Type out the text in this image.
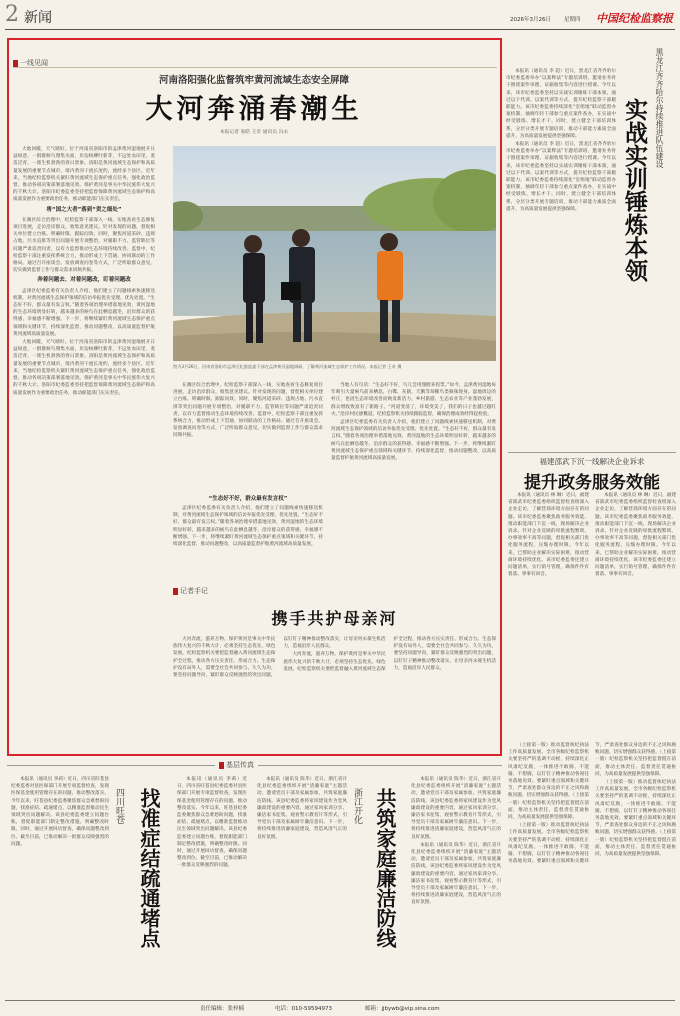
2 新闻	2026年3月26日 星期四 中国纪检监察报
一线见闻
河南洛阳强化监督筑牢黄河流域生态安全屏障
大河奔涌春潮生
本报记者 张皓 王奇 通讯员 冯永

大地回暖，天气晴好。位于河南省洛阳市的孟津黄河湿地展开日益绿意，一群群候鸟翔集水面，岸边杨柳吐新芽，不远处农田里，麦苗泛青，一派生机勃勃的春日景象。洛阳是黄河流域生态保护和高质量发展的重要节点城市，境内黄河干流长度约，流经多个县区。近年来，当地纪检监察机关紧盯黄河流域生态保护重点任务，强化政治监督，推动各项决策部署落地见效。保护黄河是事关中华民族伟大复兴的千秋大计。洛阳市纪委监委坚持把监督保障黄河流域生态保护和高质量发展作为重要政治任务，推动职能部门压实责任。

将“国之大者”落到“责之细处”

在滩区综合治理中，纪检监察干部深入一线，实地查看生态修复项目进展，走访沿岸群众，收集意见建议。针对发现的问题，督促相关单位建立台账、明确时限、跟踪问效。同时，聚焦河道采砂、违规占地、污水直排等突出问题开展专项整治，对履职不力、监管缺位等问题严肃追责问责，以有力监督推动生态环境持续改善。监督中，纪检监察干部注重发挥系统合力，推动形成上下贯通、协同联动的工作格局。通过召开座谈会、发放调查问卷等方式，广泛听取群众意见，切实做到监督工作与群众需求同频共振。

奔着问题去、对着问题改，盯着问题改

孟津区纪委监委有关负责人介绍，他们建立了问题线索快速移送机制，对黄河流域生态保护领域的信访举报优先受理、优先处置。“生态好不好，群众最有发言权。”随着各项治理举措落地见效，黄河湿地的生态环境明显好转，越来越多的候鸟在此栖息越冬，沿岸群众的获得感、幸福感不断增强。下一步，将继续紧盯黄河流域生态保护重点领域和关键环节，持续深化监督，推动问题整改，以高质量监督护航黄河流域高质量发展。

大地回暖，天气晴好。位于河南省洛阳市的孟津黄河湿地展开日益绿意，一群群候鸟翔集水面，岸边杨柳吐新芽，不远处农田里，麦苗泛青，一派生机勃勃的春日景象。洛阳是黄河流域生态保护和高质量发展的重要节点城市，境内黄河干流长度约，流经多个县区。近年来，当地纪检监察机关紧盯黄河流域生态保护重点任务，强化政治监督，推动各项决策部署落地见效。保护黄河是事关中华民族伟大复兴的千秋大计。洛阳市纪委监委坚持把监督保障黄河流域生态保护和高质量发展作为重要政治任务，推动职能部门压实责任。

图为3月26日，河南省洛阳市孟津区纪委监委干部在孟津黄河湿地调研，了解黄河流域生态保护工作情况。本报记者 王奇 摄

在滩区综合治理中，纪检监察干部深入一线，实地查看生态修复项目进展，走访沿岸群众，收集意见建议。针对发现的问题，督促相关单位建立台账、明确时限、跟踪问效。同时，聚焦河道采砂、违规占地、污水直排等突出问题开展专项整治，对履职不力、监管缺位等问题严肃追责问责，以有力监督推动生态环境持续改善。监督中，纪检监察干部注重发挥系统合力，推动形成上下贯通、协同联动的工作格局。通过召开座谈会、发放调查问卷等方式，广泛听取群众意见，切实做到监督工作与群众需求同频共振。

当地人有句话：“生态好不好，鸟儿会用翅膀来投票。”如今，孟津黄河湿地每年吸引大量候鸟前来栖息，白鹭、灰鹤、天鹅等珍稀鸟类频频现身。湿地周边的村庄，也因生态环境改善而焕发新活力，乡村旅游、生态农业等产业蓬勃发展，群众增收致富有了新路子。“河道变清了，环境变美了，我们的日子也越过越红火。”沿岸村民感慨道。纪检监察机关持续跟踪监督，确保治理成效经得起检验。

孟津区纪委监委有关负责人介绍，他们建立了问题线索快速移送机制，对黄河流域生态保护领域的信访举报优先受理、优先处置。“生态好不好，群众最有发言权。”随着各项治理举措落地见效，黄河湿地的生态环境明显好转，越来越多的候鸟在此栖息越冬，沿岸群众的获得感、幸福感不断增强。下一步，将继续紧盯黄河流域生态保护重点领域和关键环节，持续深化监督，推动问题整改，以高质量监督护航黄河流域高质量发展。

“生态好不好，群众最有发言权”

孟津区纪委监委有关负责人介绍，他们建立了问题线索快速移送机制，对黄河流域生态保护领域的信访举报优先受理、优先处置。“生态好不好，群众最有发言权。”随着各项治理举措落地见效，黄河湿地的生态环境明显好转，越来越多的候鸟在此栖息越冬，沿岸群众的获得感、幸福感不断增强。下一步，将继续紧盯黄河流域生态保护重点领域和关键环节，持续深化监督，推动问题整改，以高质量监督护航黄河流域高质量发展。

记者手记
携手共护母亲河

大河奔流，滋养万物。保护黄河是事关中华民族伟大复兴的千秋大计，必须坚持生态优先、绿色发展。纪检监察机关要把监督融入黄河流域生态保护全过程，推动各方压实责任、形成合力。生态保护没有局外人，需要全社会共同参与、久久为功。要坚持问题导向，紧盯群众反映强烈的突出问题，以钉钉子精神推动整改落实，让母亲河永葆生机活力，造福沿岸人民群众。

大河奔流，滋养万物。保护黄河是事关中华民族伟大复兴的千秋大计，必须坚持生态优先、绿色发展。纪检监察机关要把监督融入黄河流域生态保护全过程，推动各方压实责任、形成合力。生态保护没有局外人，需要全社会共同参与、久久为功。要坚持问题导向，紧盯群众反映强烈的突出问题，以钉钉子精神推动整改落实，让母亲河永葆生机活力，造福沿岸人民群众。

黑龙江齐齐哈尔持续推进队伍建设
实战实训锤炼本领

本报讯（通讯员 李 超）近日，黑龙江省齐齐哈尔市纪委监委举办“以案释法”专题培训班，邀请业务骨干围绕案件审理、证据收集等内容进行授课。今年以来，该市纪委监委坚持以实战实训锤炼干部本领，通过以干代训、以案代训等方式，提升纪检监察干部履职能力。该市纪委监委持续深化“室组地”联动监督办案机制，抽调年轻干部参与重点案件查办，在实战中经受锻炼、增长才干。同时，建立健全干部培训体系，分层分类开展专题培训，推动干部能力素质全面提升，为高质量发展提供坚强保障。

本报讯（通讯员 李 超）近日，黑龙江省齐齐哈尔市纪委监委举办“以案释法”专题培训班，邀请业务骨干围绕案件审理、证据收集等内容进行授课。今年以来，该市纪委监委坚持以实战实训锤炼干部本领，通过以干代训、以案代训等方式，提升纪检监察干部履职能力。该市纪委监委持续深化“室组地”联动监督办案机制，抽调年轻干部参与重点案件查办，在实战中经受锻炼、增长才干。同时，建立健全干部培训体系，分层分类开展专题培训，推动干部能力素质全面提升，为高质量发展提供坚强保障。

福建邵武下沉一线解决企业诉求
提升政务服务效能

本报讯（通讯员 林 琳）近日，福建省邵武市纪委监委组织监督检查组深入企业走访，了解营商环境方面存在的问题。该市纪委监委聚焦政务服务效能，推动职能部门下沉一线，现场解决企业诉求。针对企业反映的审批流程繁琐、办事效率不高等问题，督促相关部门优化服务流程，压缩办理时限。今年以来，已帮助企业解决实际困难，推动营商环境持续优化。该市纪委监委还建立问题清单，实行销号管理，确保件件有着落、事事有回音。

本报讯（通讯员 林 琳）近日，福建省邵武市纪委监委组织监督检查组深入企业走访，了解营商环境方面存在的问题。该市纪委监委聚焦政务服务效能，推动职能部门下沉一线，现场解决企业诉求。针对企业反映的审批流程繁琐、办事效率不高等问题，督促相关部门优化服务流程，压缩办理时限。今年以来，已帮助企业解决实际困难，推动营商环境持续优化。该市纪委监委还建立问题清单，实行销号管理，确保件件有着落、事事有回音。

（上接第一版）推动监督执纪执法工作高质量发展。全市各级纪检监察机关要坚持严的基调不动摇，持续深化正风肃纪反腐，一体推进不敢腐、不能腐、不想腐，以钉钉子精神推动各项任务落地见效。要紧盯重点领域和关键环节，严肃查处群众身边的不正之风和腐败问题，切实增强群众获得感。（上接第一版）纪检监察机关坚持把监督挺在前面，推动主体责任、监督责任贯通协同，为高质量发展提供坚强保障。

（上接第一版）推动监督执纪执法工作高质量发展。全市各级纪检监察机关要坚持严的基调不动摇，持续深化正风肃纪反腐，一体推进不敢腐、不能腐、不想腐，以钉钉子精神推动各项任务落地见效。要紧盯重点领域和关键环节，严肃查处群众身边的不正之风和腐败问题，切实增强群众获得感。（上接第一版）纪检监察机关坚持把监督挺在前面，推动主体责任、监督责任贯通协同，为高质量发展提供坚强保障。

（上接第一版）推动监督执纪执法工作高质量发展。全市各级纪检监察机关要坚持严的基调不动摇，持续深化正风肃纪反腐，一体推进不敢腐、不能腐、不想腐，以钉钉子精神推动各项任务落地见效。要紧盯重点领域和关键环节，严肃查处群众身边的不正之风和腐败问题，切实增强群众获得感。（上接第一版）纪检监察机关坚持把监督挺在前面，推动主体责任、监督责任贯通协同，为高质量发展提供坚强保障。

基层传真

本报讯（通讯员 李莉）近日，四川省旺苍县纪委监委对县医保部门开展专项监督检查，发现医保基金使用管理存在的问题，推动整改落实。今年以来，旺苍县纪委监委聚焦群众急难愁盼问题，找准症结、疏通堵点，以精准监督推动民生领域突出问题解决。该县纪委监委建立问题台账，督促职能部门制定整改措施，明确整改时限。同时，通过开展回访督查，确保问题整改到位。截至目前，已推动解决一批群众反映强烈的问题。

四川旺苍 找准症结疏通堵点

本报讯（通讯员 李莉）近日，四川省旺苍县纪委监委对县医保部门开展专项监督检查，发现医保基金使用管理存在的问题，推动整改落实。今年以来，旺苍县纪委监委聚焦群众急难愁盼问题，找准症结、疏通堵点，以精准监督推动民生领域突出问题解决。该县纪委监委建立问题台账，督促职能部门制定整改措施，明确整改时限。同时，通过开展回访督查，确保问题整改到位。截至目前，已推动解决一批群众反映强烈的问题。

本报讯（通讯员 陈华）近日，浙江省开化县纪委监委组织开展“清廉家庭”主题活动，邀请党员干部及家属参加，共筑家庭廉洁防线。该县纪委监委将家风建设作为党风廉政建设的重要内容，通过家风家训分享、廉洁家书征集、观看警示教育片等形式，引导党员干部及家属树牢廉洁意识。下一步，将持续推进清廉家庭建设，营造风清气正的良好氛围。

浙江开化 共筑家庭廉洁防线

本报讯（通讯员 陈华）近日，浙江省开化县纪委监委组织开展“清廉家庭”主题活动，邀请党员干部及家属参加，共筑家庭廉洁防线。该县纪委监委将家风建设作为党风廉政建设的重要内容，通过家风家训分享、廉洁家书征集、观看警示教育片等形式，引导党员干部及家属树牢廉洁意识。下一步，将持续推进清廉家庭建设，营造风清气正的良好氛围。

本报讯（通讯员 陈华）近日，浙江省开化县纪委监委组织开展“清廉家庭”主题活动，邀请党员干部及家属参加，共筑家庭廉洁防线。该县纪委监委将家风建设作为党风廉政建设的重要内容，通过家风家训分享、廉洁家书征集、观看警示教育片等形式，引导党员干部及家属树牢廉洁意识。下一步，将持续推进清廉家庭建设，营造风清气正的良好氛围。

责任编辑：张梓楠	电话：010-59594973	邮箱：jjbywb@vip.sina.com
